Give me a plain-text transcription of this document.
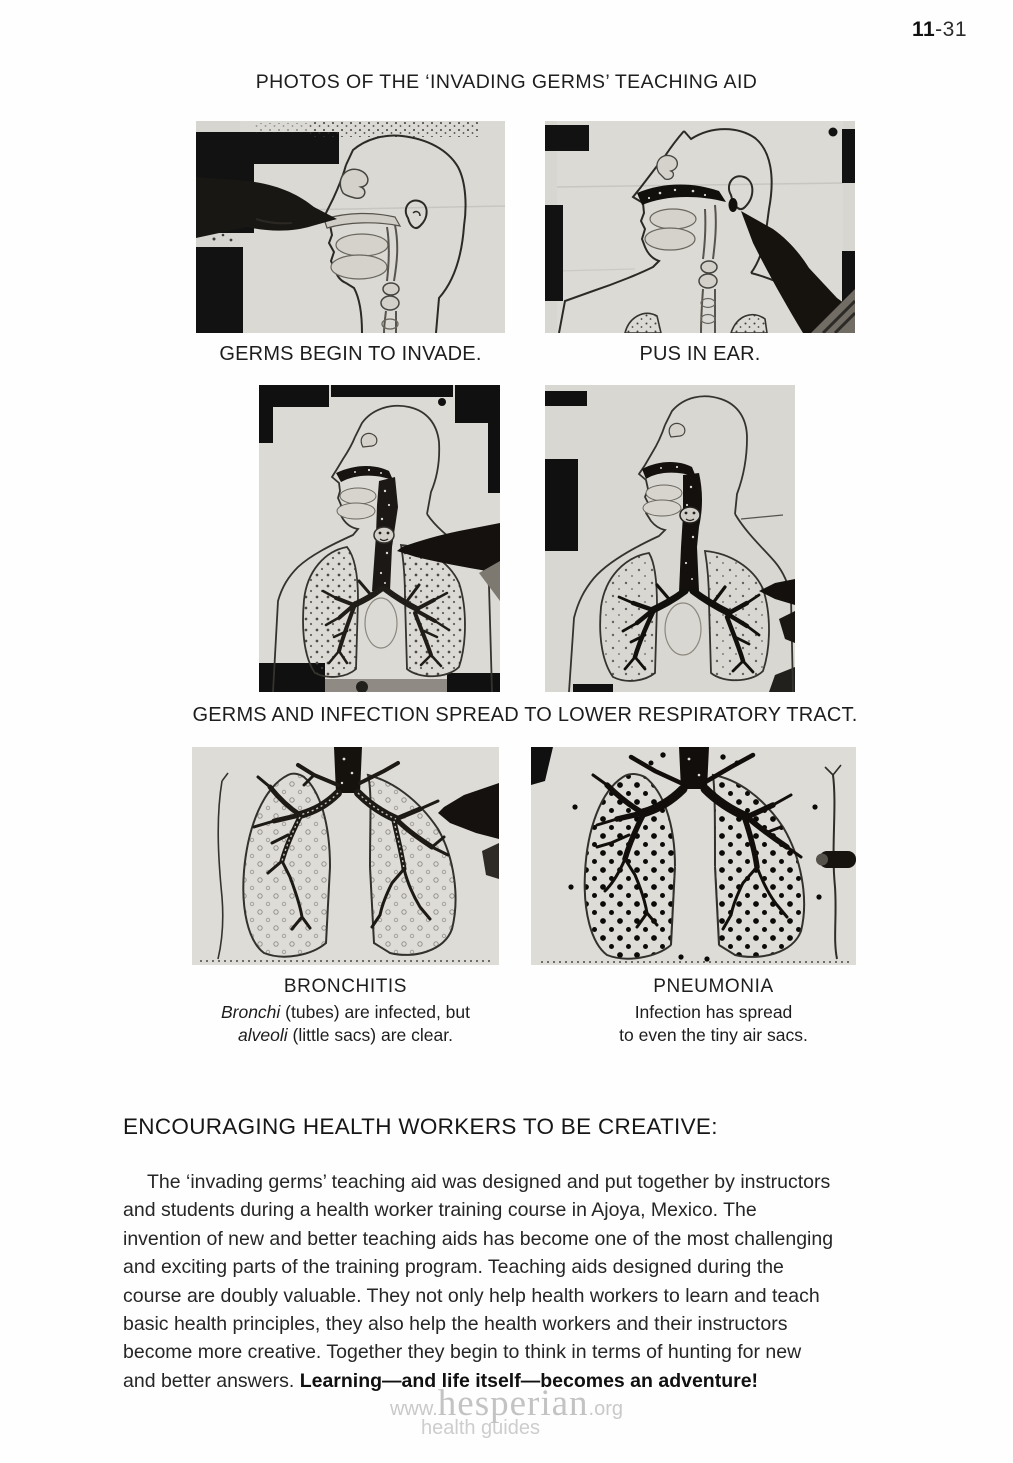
11-31
PHOTOS OF THE ‘INVADING GERMS’ TEACHING AID
GERMS BEGIN TO INVADE.	PUS IN EAR.
GERMS AND INFECTION SPREAD TO LOWER RESPIRATORY TRACT.
BRONCHITIS
Bronchi (tubes) are infected, but
alveoli (little sacs) are clear.
PNEUMONIA
Infection has spread
to even the tiny air sacs.
ENCOURAGING HEALTH WORKERS TO BE CREATIVE:
The ‘invading germs’ teaching aid was designed and put together by instructors
and students during a health worker training course in Ajoya, Mexico. The
invention of new and better teaching aids has become one of the most challenging
and exciting parts of the training program. Teaching aids designed during the
course are doubly valuable. They not only help health workers to learn and teach
basic health principles, they also help the health workers and their instructors
become more creative. Together they begin to think in terms of hunting for new
and better answers. Learning—and life itself—becomes an adventure!
www. hesperian .org
health guides
